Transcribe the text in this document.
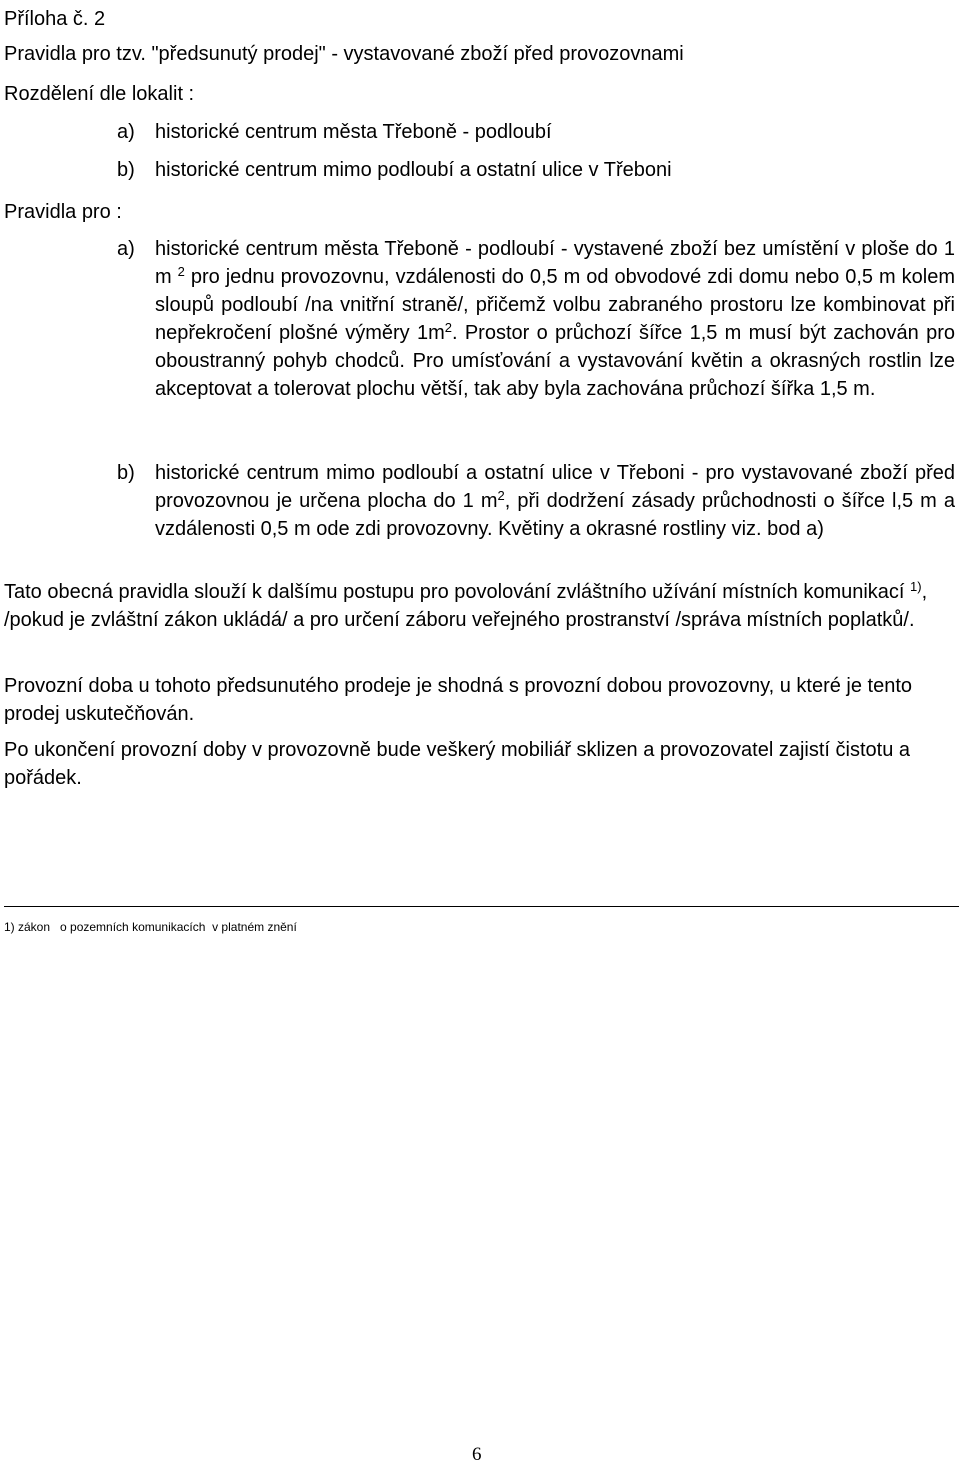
Příloha č. 2
Pravidla pro tzv. "předsunutý prodej" - vystavované zboží před provozovnami
Rozdělení dle lokalit :
a) historické centrum města Třeboně - podloubí
b) historické centrum mimo podloubí a ostatní ulice v Třeboni
Pravidla pro :
a) historické centrum města Třeboně - podloubí - vystavené zboží bez umístění v ploše do 1 m $^2$ pro jednu provozovnu, vzdálenosti do 0,5 m od obvodové zdi domu nebo 0,5 m kolem sloupů podloubí /na vnitřní straně/, přičemž volbu zabraného prostoru lze kombinovat při nepřekročení plošné výměry $1m^2$. Prostor o průchozí šířce 1,5 m musí být zachován pro oboustranný pohyb chodců. Pro umísťování a vystavování květin a okrasných rostlin lze akceptovat a tolerovat plochu větší, tak aby byla zachována průchozí šířka 1,5 m.
b) historické centrum mimo podloubí a ostatní ulice v Třeboni - pro vystavované zboží před provozovnou je určena plocha do 1 $m^2$, při dodržení zásady průchodnosti o šířce l,5 m a vzdálenosti 0,5 m ode zdi provozovny. Květiny a okrasné rostliny viz. bod a)
Tato obecná pravidla slouží k dalšímu postupu pro povolování zvláštního užívání místních komunikací $^{1)}$, /pokud je zvláštní zákon ukládá/ a pro určení záboru veřejného prostranství /správa místních poplatků/.
Provozní doba u tohoto předsunutého prodeje je shodná s provozní dobou provozovny, u které je tento prodej uskutečňován.
Po ukončení provozní doby v provozovně bude veškerý mobiliář sklizen a provozovatel zajistí čistotu a pořádek.
1) zákon   o pozemních komunikacích  v platném znění
6
